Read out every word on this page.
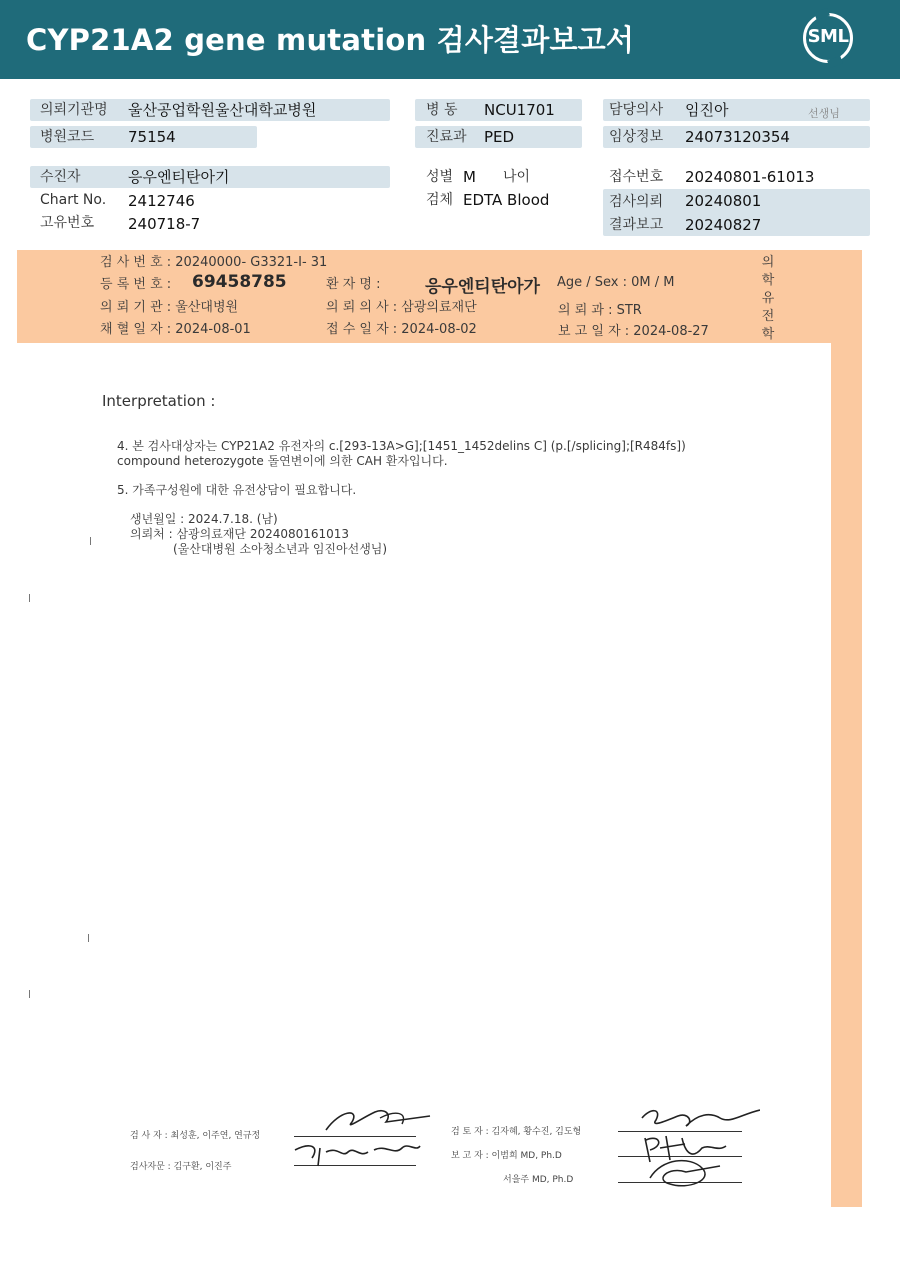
CYP21A2 gene mutation 검사결과보고서	SML
의뢰기관명 울산공업학원울산대학교병원	병 동 NCU1701	담당의사 임진아	선생님
병원코드 75154	진료과 PED	임상정보 24073120354
수진자	응우엔티탄아기	성별 M 나이	접수번호 20240801-61013
Chart No. 2412746	검체 EDTA Blood	검사의뢰 20240801
고유번호 240718-7	결과보고 20240827
검 사 번 호 : 20240000- G3321-I- 31
등 록 번 호 : 69458785	환 자 명 :	응우엔티탄아가 Age / Sex : 0M / M
의 뢰 기 관 : 울산대병원	의 뢰 의 사 : 삼광의료재단	의 뢰 과 : STR
채 혈 일 자 : 2024-08-01	접 수 일 자 : 2024-08-02	보 고 일 자 : 2024-08-27
의
학
유
전
학
Interpretation :
4. 본 검사대상자는 CYP21A2 유전자의 c.[293-13A>G];[1451_1452delins C] (p.[/splicing];[R484fs])
compound heterozygote 돌연변이에 의한 CAH 환자입니다.
5. 가족구성원에 대한 유전상담이 필요합니다.
생년월일 : 2024.7.18. (남)
의뢰처 : 삼광의료재단 2024080161013
(울산대병원 소아청소년과 임진아선생님)
검 사 자 : 최성훈, 이주연, 연규정
검사자문 : 김구환, 이진주
검 토 자 : 김자혜, 황수진, 김도형
보 고 자 : 이범희 MD, Ph.D
서을주 MD, Ph.D
